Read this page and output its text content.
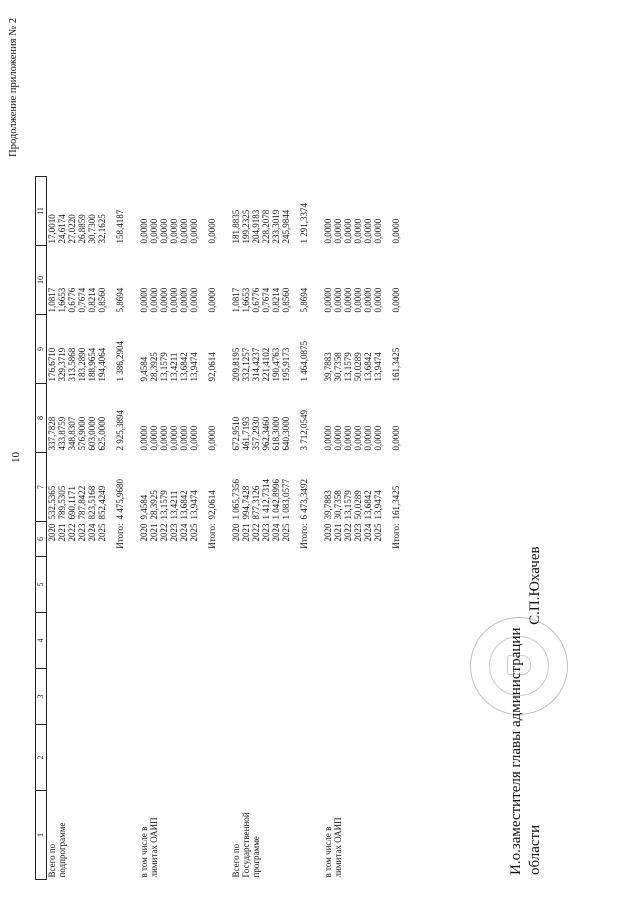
10
Продолжение приложения № 2
1	2	3	4	5	6	7	8	9	10	11
Всего по подпрограмме					2020	532,5365	337,7828	176,6710	1,0817	17,0010
					2021	789,5305	433,8759	329,3719	1,6653	24,6174
					2022	690,1171	348,8307	313,5868	0,6776	27,0220
					2023	787,8422	576,9000	183,2890	0,7674	26,8859
					2024	823,5168	603,0000	188,9654	0,8214	30,7300
					2025	852,4249	625,0000	194,4064	0,8560	32,1625
					Итого:	4 475,9680	2 925,3894	1 386,2904	5,8694	158,4187

в том числе в лимитах ОАИП					2020	9,4584	0,0000	9,4584	0,0000	0,0000
					2021	28,3925	0,0000	28,3925	0,0000	0,0000
					2022	13,1579	0,0000	13,1579	0,0000	0,0000
					2023	13,4211	0,0000	13,4211	0,0000	0,0000
					2024	13,6842	0,0000	13,6842	0,0000	0,0000
					2025	13,9474	0,0000	13,9474	0,0000	0,0000
					Итого:	92,0614	0,0000	92,0614	0,0000	0,0000

Всего по Государственной программе					2020	1 065,7356	672,9510	209,8195	1,0817	181,8835
					2021	994,7428	461,7193	332,1257	1,6653	199,2325
					2022	877,3126	357,2930	314,4237	0,6776	204,9183
					2023	1 412,7314	962,3460	221,4102	0,7674	228,2078
					2024	1 042,8996	618,3000	190,4763	0,8214	233,3019
					2025	1 083,0577	640,3000	195,9173	0,8560	245,9844
					Итого:	6 473,3492	3 712,0549	1 464,0875	5,8694	1 291,3374

в том числе в лимитах ОАИП					2020	39,7883	0,0000	39,7883	0,0000	0,0000
					2021	30,7358	0,0000	30,7358	0,0000	0,0000
					2022	13,1579	0,0000	13,1579	0,0000	0,0000
					2023	50,0289	0,0000	50,0289	0,0000	0,0000
					2024	13,6842	0,0000	13,6842	0,0000	0,0000
					2025	13,9474	0,0000	13,9474	0,0000	0,0000
					Итого:	161,3425	0,0000	161,3425	0,0000	0,0000
И.о.заместителя главы администрации области
С.П.Юхачев
